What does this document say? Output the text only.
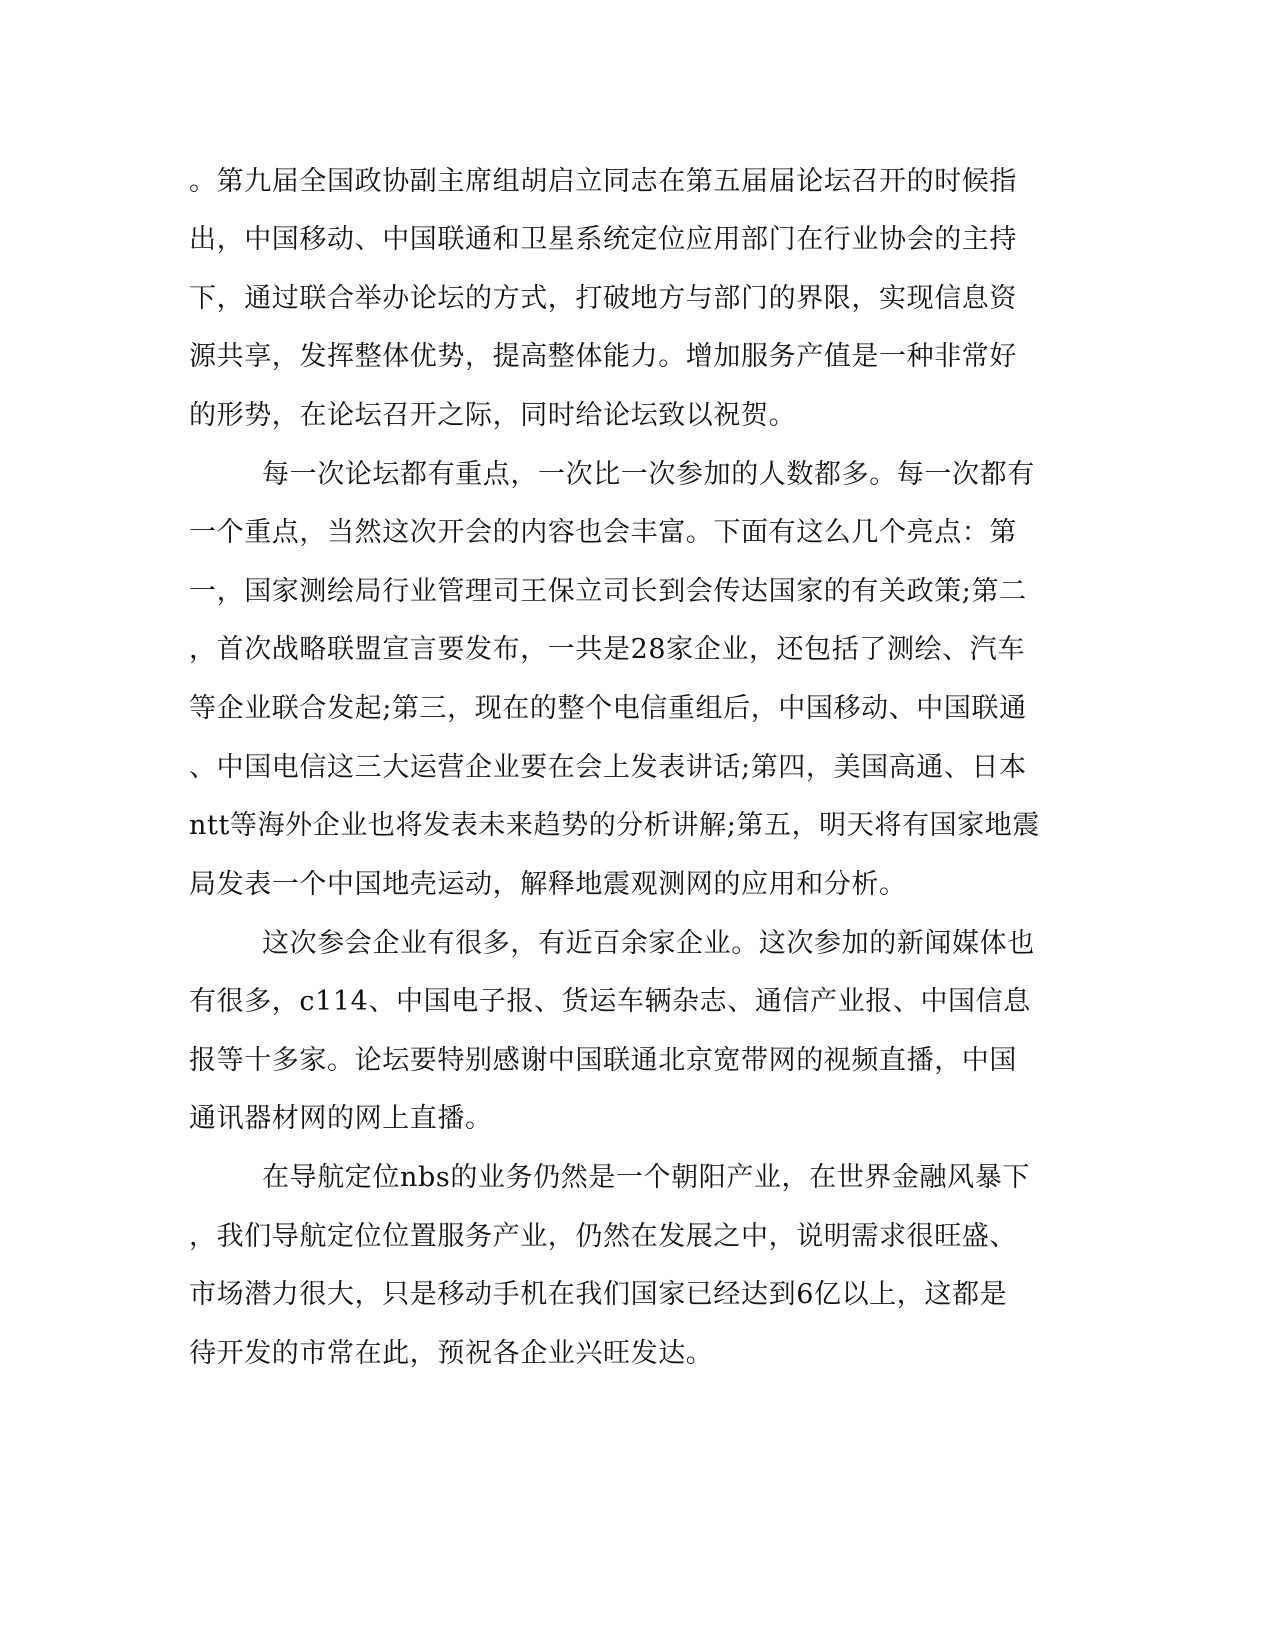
。第九届全国政协副主席组胡启立同志在第五届届论坛召开的时候指
出，中国移动、中国联通和卫星系统定位应用部门在行业协会的主持
下，通过联合举办论坛的方式，打破地方与部门的界限，实现信息资
源共享，发挥整体优势，提高整体能力。增加服务产值是一种非常好
的形势，在论坛召开之际，同时给论坛致以祝贺。
每一次论坛都有重点，一次比一次参加的人数都多。每一次都有
一个重点，当然这次开会的内容也会丰富。下面有这么几个亮点：第
一，国家测绘局行业管理司王保立司长到会传达国家的有关政策;第二
，首次战略联盟宣言要发布，一共是28家企业，还包括了测绘、汽车
等企业联合发起;第三，现在的整个电信重组后，中国移动、中国联通
、中国电信这三大运营企业要在会上发表讲话;第四，美国高通、日本
ntt等海外企业也将发表未来趋势的分析讲解;第五，明天将有国家地震
局发表一个中国地壳运动，解释地震观测网的应用和分析。
这次参会企业有很多，有近百余家企业。这次参加的新闻媒体也
有很多，c114、中国电子报、货运车辆杂志、通信产业报、中国信息
报等十多家。论坛要特别感谢中国联通北京宽带网的视频直播，中国
通讯器材网的网上直播。
在导航定位nbs的业务仍然是一个朝阳产业，在世界金融风暴下
，我们导航定位位置服务产业，仍然在发展之中，说明需求很旺盛、
市场潜力很大，只是移动手机在我们国家已经达到6亿以上，这都是
待开发的市常在此，预祝各企业兴旺发达。
